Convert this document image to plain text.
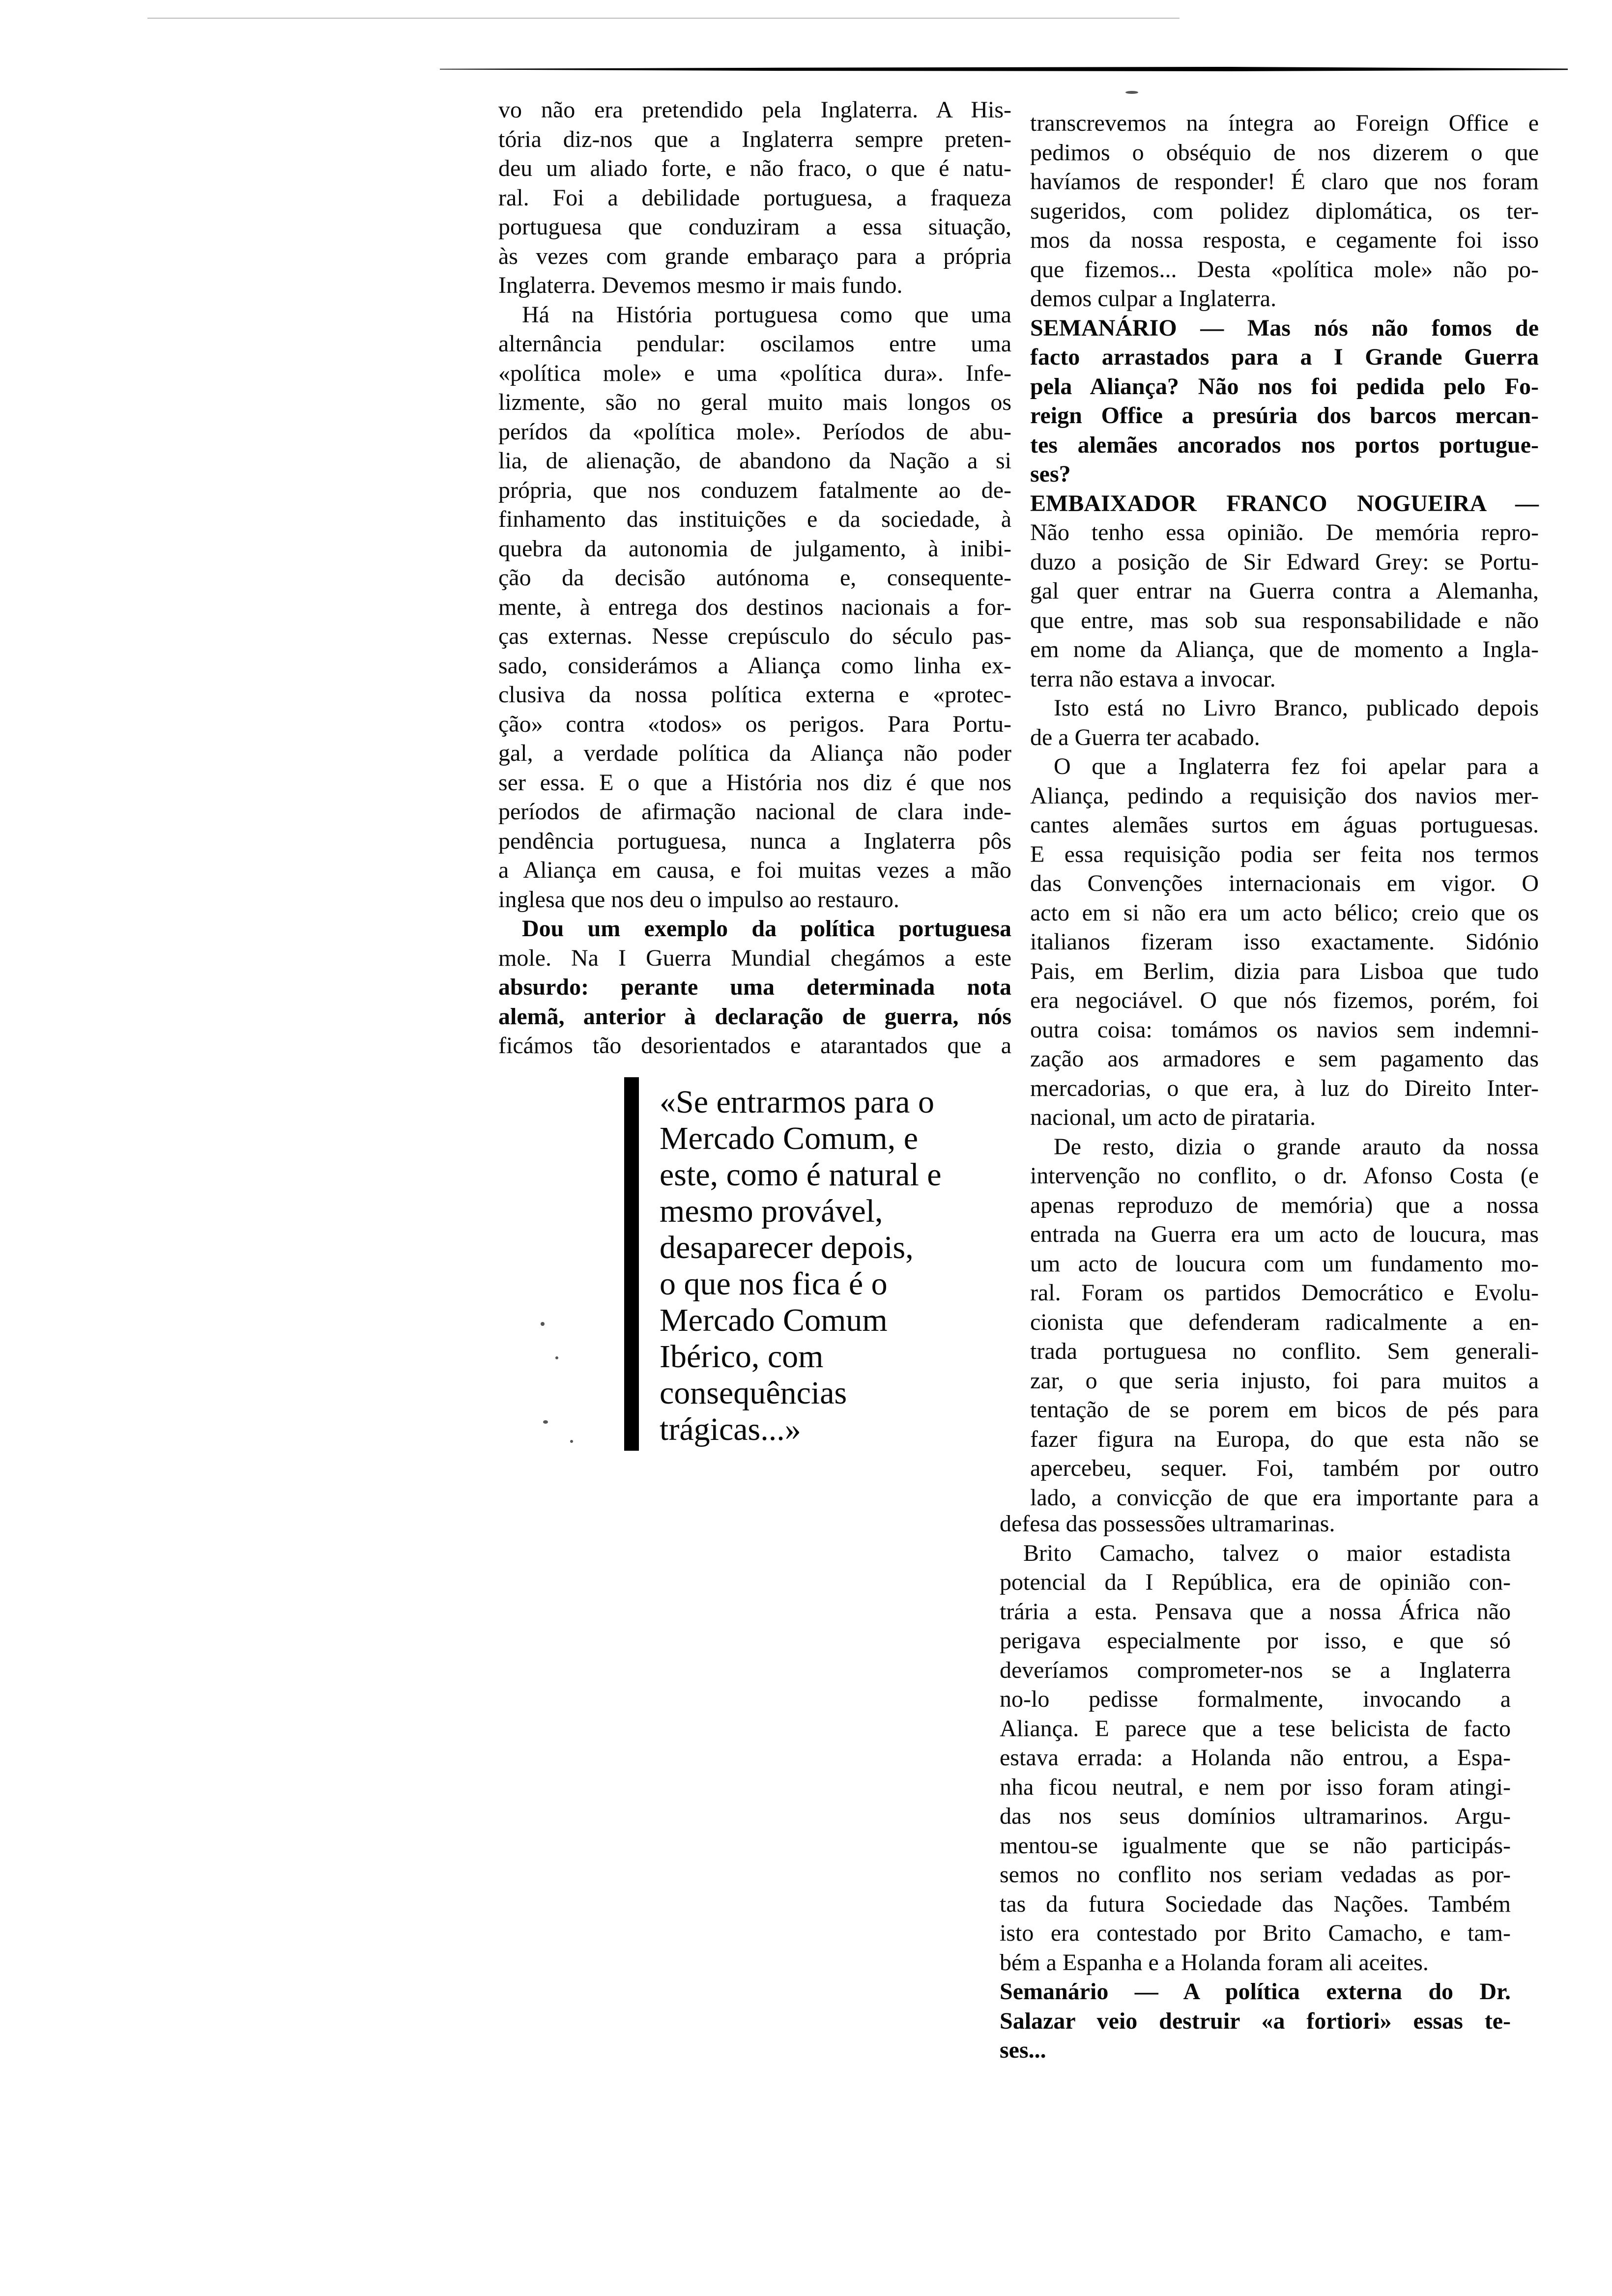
vo não era pretendido pela Inglaterra. A His-
tória diz-nos que a Inglaterra sempre preten-
deu um aliado forte, e não fraco, o que é natu-
ral. Foi a debilidade portuguesa, a fraqueza
portuguesa que conduziram a essa situação,
às vezes com grande embaraço para a própria
Inglaterra. Devemos mesmo ir mais fundo.
Há na História portuguesa como que uma
alternância pendular: oscilamos entre uma
«política mole» e uma «política dura». Infe-
lizmente, são no geral muito mais longos os
perídos da «política mole». Períodos de abu-
lia, de alienação, de abandono da Nação a si
própria, que nos conduzem fatalmente ao de-
finhamento das instituições e da sociedade, à
quebra da autonomia de julgamento, à inibi-
ção da decisão autónoma e, consequente-
mente, à entrega dos destinos nacionais a for-
ças externas. Nesse crepúsculo do século pas-
sado, considerámos a Aliança como linha ex-
clusiva da nossa política externa e «protec-
ção» contra «todos» os perigos. Para Portu-
gal, a verdade política da Aliança não poder
ser essa. E o que a História nos diz é que nos
períodos de afirmação nacional de clara inde-
pendência portuguesa, nunca a Inglaterra pôs
a Aliança em causa, e foi muitas vezes a mão
inglesa que nos deu o impulso ao restauro.
Dou um exemplo da política portuguesa
mole. Na I Guerra Mundial chegámos a este
absurdo: perante uma determinada nota
alemã, anterior à declaração de guerra, nós
ficámos tão desorientados e atarantados que a
transcrevemos na íntegra ao Foreign Office e
pedimos o obséquio de nos dizerem o que
havíamos de responder! É claro que nos foram
sugeridos, com polidez diplomática, os ter-
mos da nossa resposta, e cegamente foi isso
que fizemos... Desta «política mole» não po-
demos culpar a Inglaterra.
SEMANÁRIO — Mas nós não fomos de
facto arrastados para a I Grande Guerra
pela Aliança? Não nos foi pedida pelo Fo-
reign Office a presúria dos barcos mercan-
tes alemães ancorados nos portos portugue-
ses?
EMBAIXADOR FRANCO NOGUEIRA —
Não tenho essa opinião. De memória repro-
duzo a posição de Sir Edward Grey: se Portu-
gal quer entrar na Guerra contra a Alemanha,
que entre, mas sob sua responsabilidade e não
em nome da Aliança, que de momento a Ingla-
terra não estava a invocar.
Isto está no Livro Branco, publicado depois
de a Guerra ter acabado.
O que a Inglaterra fez foi apelar para a
Aliança, pedindo a requisição dos navios mer-
cantes alemães surtos em águas portuguesas.
E essa requisição podia ser feita nos termos
das Convenções internacionais em vigor. O
acto em si não era um acto bélico; creio que os
italianos fizeram isso exactamente. Sidónio
Pais, em Berlim, dizia para Lisboa que tudo
era negociável. O que nós fizemos, porém, foi
outra coisa: tomámos os navios sem indemni-
zação aos armadores e sem pagamento das
mercadorias, o que era, à luz do Direito Inter-
nacional, um acto de pirataria.
De resto, dizia o grande arauto da nossa
intervenção no conflito, o dr. Afonso Costa (e
apenas reproduzo de memória) que a nossa
entrada na Guerra era um acto de loucura, mas
um acto de loucura com um fundamento mo-
ral. Foram os partidos Democrático e Evolu-
cionista que defenderam radicalmente a en-
trada portuguesa no conflito. Sem generali-
zar, o que seria injusto, foi para muitos a
tentação de se porem em bicos de pés para
fazer figura na Europa, do que esta não se
apercebeu, sequer. Foi, também por outro
lado, a convicção de que era importante para a
defesa das possessões ultramarinas.
Brito Camacho, talvez o maior estadista
potencial da I República, era de opinião con-
trária a esta. Pensava que a nossa África não
perigava especialmente por isso, e que só
deveríamos comprometer-nos se a Inglaterra
no-lo pedisse formalmente, invocando a
Aliança. E parece que a tese belicista de facto
estava errada: a Holanda não entrou, a Espa-
nha ficou neutral, e nem por isso foram atingi-
das nos seus domínios ultramarinos. Argu-
mentou-se igualmente que se não participás-
semos no conflito nos seriam vedadas as por-
tas da futura Sociedade das Nações. Também
isto era contestado por Brito Camacho, e tam-
bém a Espanha e a Holanda foram ali aceites.
Semanário — A política externa do Dr.
Salazar veio destruir «a fortiori» essas te-
ses...
«Se entrarmos para o
Mercado Comum, e
este, como é natural e
mesmo provável,
desaparecer depois,
o que nos fica é o
Mercado Comum
Ibérico, com
consequências
trágicas...»
